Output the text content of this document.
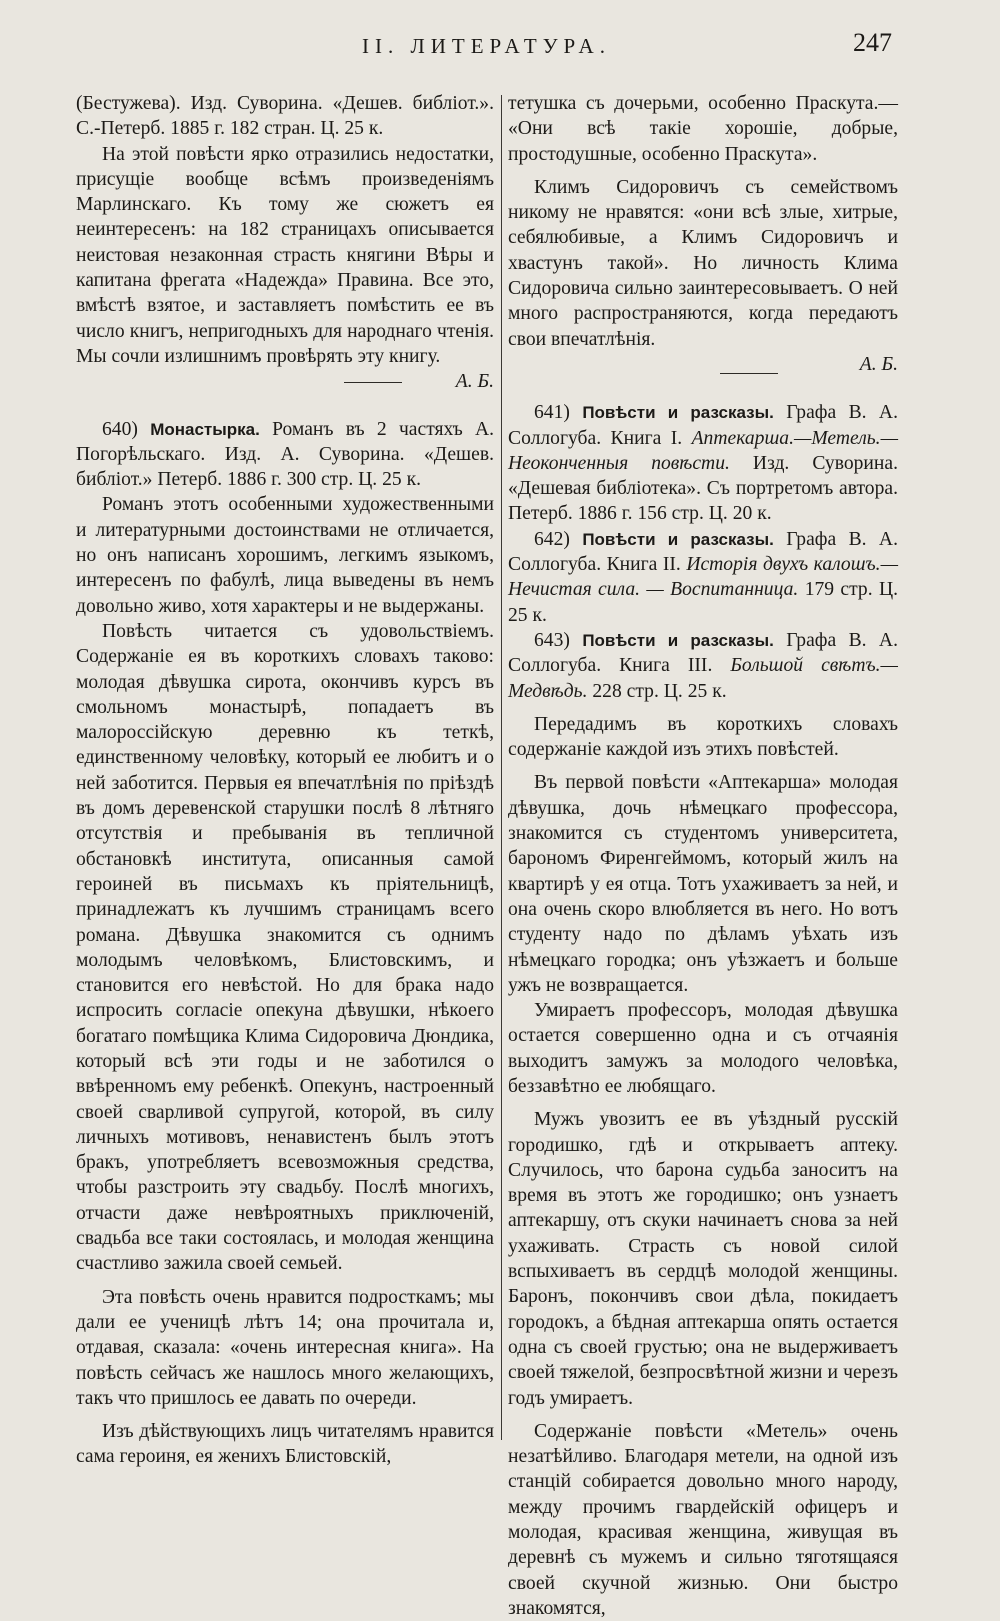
II. ЛИТЕРАТУРА.	247

(Бестужева). Изд. Суворина. «Дешев. библiот.». С.-Петерб. 1885 г. 182 стран. Ц. 25 к.

На этой повѣсти ярко отразились недостатки, присущiе вообще всѣмъ произведенiямъ Марлинскаго. Къ тому же сюжетъ ея неинтересенъ: на 182 страницахъ описывается неистовая незаконная страсть княгини Вѣры и капитана фрегата «Надежда» Правина. Все это, вмѣстѣ взятое, и заставляетъ помѣстить ее въ число книгъ, непригодныхъ для народнаго чтенiя. Мы сочли излишнимъ провѣрять эту книгу.

А. Б.

640) Монастырка. Романъ въ 2 частяхъ А. Погорѣльскаго. Изд. А. Суворина. «Дешев. библiот.» Петерб. 1886 г. 300 стр. Ц. 25 к.

Романъ этотъ особенными художественными и литературными достоинствами не отличается, но онъ написанъ хорошимъ, легкимъ языкомъ, интересенъ по фабулѣ, лица выведены въ немъ довольно живо, хотя характеры и не выдержаны.

Повѣсть читается съ удовольствiемъ. Содержанiе ея въ короткихъ словахъ таково: молодая дѣвушка сирота, окончивъ курсъ въ смольномъ монастырѣ, попадаетъ въ малороссiйскую деревню къ теткѣ, единственному человѣку, который ее любитъ и о ней заботится. Первыя ея впечатлѣнiя по прiѣздѣ въ домъ деревенской старушки послѣ 8 лѣтняго отсутствiя и пребыванiя въ тепличной обстановкѣ института, описанныя самой героиней въ письмахъ къ прiятельницѣ, принадлежатъ къ лучшимъ страницамъ всего романа. Дѣвушка знакомится съ однимъ молодымъ человѣкомъ, Блистовскимъ, и становится его невѣстой. Но для брака надо испросить согласiе опекуна дѣвушки, нѣкоего богатаго помѣщика Клима Сидоровича Дюндика, который всѣ эти годы и не заботился о ввѣренномъ ему ребенкѣ. Опекунъ, настроенный своей сварливой супругой, которой, въ силу личныхъ мотивовъ, ненавистенъ былъ этотъ бракъ, употребляетъ всевозможныя средства, чтобы разстроить эту свадьбу. Послѣ многихъ, отчасти даже невѣроятныхъ приключенiй, свадьба все таки состоялась, и молодая женщина счастливо зажила своей семьей.

Эта повѣсть очень нравится подросткамъ; мы дали ее ученицѣ лѣтъ 14; она прочитала и, отдавая, сказала: «очень интересная книга». На повѣсть сейчасъ же нашлось много желающихъ, такъ что пришлось ее давать по очереди.

Изъ дѣйствующихъ лицъ читателямъ нравится сама героиня, ея женихъ Блистовскiй,

тетушка съ дочерьми, особенно Праскута.— «Они всѣ такiе хорошiе, добрые, простодушные, особенно Праскута».

Климъ Сидоровичъ съ семействомъ никому не нравятся: «они всѣ злые, хитрые, себялюбивые, а Климъ Сидоровичъ и хвастунъ такой». Но личность Клима Сидоровича сильно заинтересовываетъ. О ней много распространяются, когда передаютъ свои впечатлѣнiя.

А. Б.

641) Повѣсти и разсказы. Графа В. А. Соллогуба. Книга I. Аптекарша.—Метель.—Неоконченныя повѣсти. Изд. Суворина. «Дешевая библiотека». Съ портретомъ автора. Петерб. 1886 г. 156 стр. Ц. 20 к.

642) Повѣсти и разсказы. Графа В. А. Соллогуба. Книга II. Исторiя двухъ калошъ.— Нечистая сила. — Воспитанница. 179 стр. Ц. 25 к.

643) Повѣсти и разсказы. Графа В. А. Соллогуба. Книга III. Большой свѣтъ.—Медвѣдь. 228 стр. Ц. 25 к.

Передадимъ въ короткихъ словахъ содержанiе каждой изъ этихъ повѣстей.

Въ первой повѣсти «Аптекарша» молодая дѣвушка, дочь нѣмецкаго профессора, знакомится съ студентомъ университета, барономъ Фиренгеймомъ, который жилъ на квартирѣ у ея отца. Тотъ ухаживаетъ за ней, и она очень скоро влюбляется въ него. Но вотъ студенту надо по дѣламъ уѣхать изъ нѣмецкаго городка; онъ уѣзжаетъ и больше ужъ не возвращается.

Умираетъ профессоръ, молодая дѣвушка остается совершенно одна и съ отчаянiя выходитъ замужъ за молодого человѣка, беззавѣтно ее любящаго.

Мужъ увозитъ ее въ уѣздный русскiй городишко, гдѣ и открываетъ аптеку. Случилось, что барона судьба заноситъ на время въ этотъ же городишко; онъ узнаетъ аптекаршу, отъ скуки начинаетъ снова за ней ухаживать. Страсть съ новой силой вспыхиваетъ въ сердцѣ молодой женщины. Баронъ, покончивъ свои дѣла, покидаетъ городокъ, а бѣдная аптекарша опять остается одна съ своей грустью; она не выдерживаетъ своей тяжелой, безпросвѣтной жизни и черезъ годъ умираетъ.

Содержанiе повѣсти «Метель» очень незатѣйливо. Благодаря метели, на одной изъ станцiй собирается довольно много народу, между прочимъ гвардейскiй офицеръ и молодая, красивая женщина, живущая въ деревнѣ съ мужемъ и сильно тяготящаяся своей скучной жизнью. Они быстро знакомятся,
